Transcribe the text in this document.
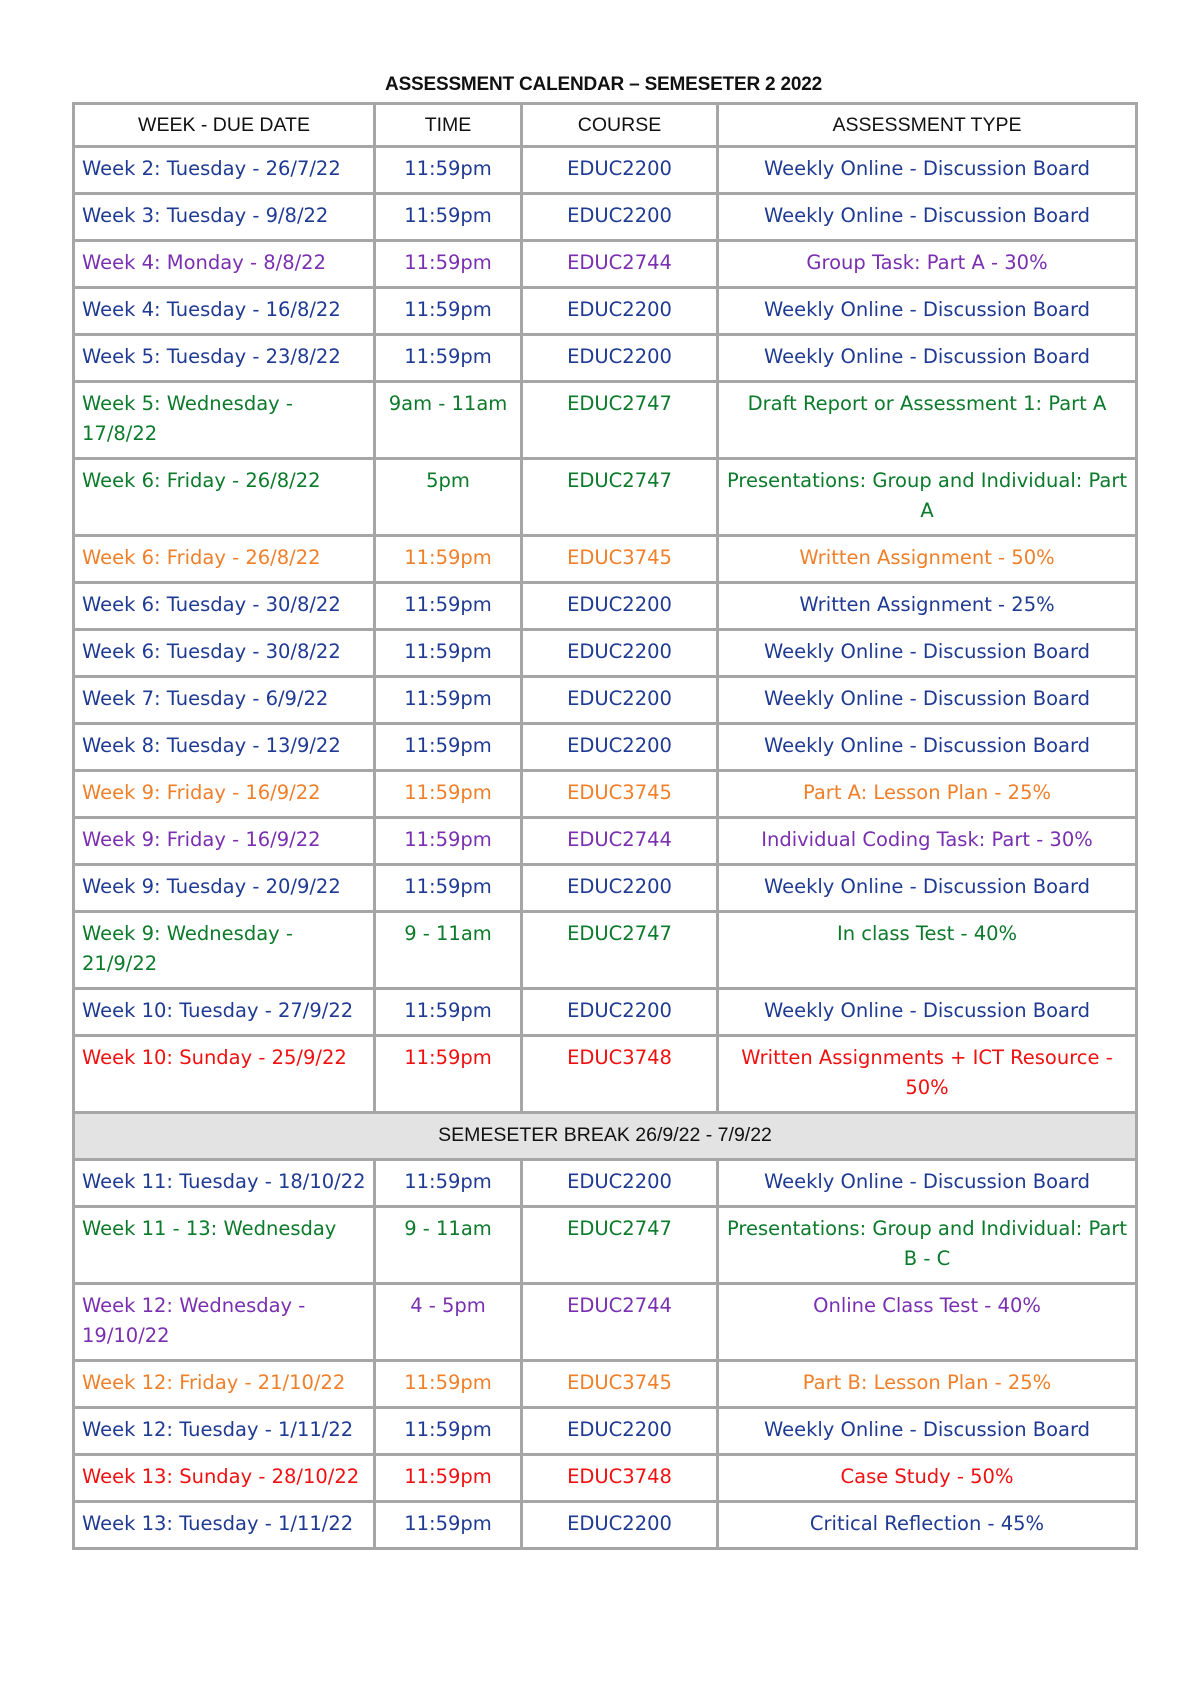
ASSESSMENT CALENDAR – SEMESETER 2 2022
WEEK - DUE DATE	TIME	COURSE	ASSESSMENT TYPE
Week 2: Tuesday - 26/7/22	11:59pm	EDUC2200	Weekly Online - Discussion Board
Week 3: Tuesday - 9/8/22	11:59pm	EDUC2200	Weekly Online - Discussion Board
Week 4: Monday - 8/8/22	11:59pm	EDUC2744	Group Task: Part A - 30%
Week 4: Tuesday - 16/8/22	11:59pm	EDUC2200	Weekly Online - Discussion Board
Week 5: Tuesday - 23/8/22	11:59pm	EDUC2200	Weekly Online - Discussion Board
Week 5: Wednesday - 17/8/22	9am - 11am	EDUC2747	Draft Report or Assessment 1: Part A
Week 6: Friday - 26/8/22	5pm	EDUC2747	Presentations: Group and Individual: Part A
Week 6: Friday - 26/8/22	11:59pm	EDUC3745	Written Assignment - 50%
Week 6: Tuesday - 30/8/22	11:59pm	EDUC2200	Written Assignment - 25%
Week 6: Tuesday - 30/8/22	11:59pm	EDUC2200	Weekly Online - Discussion Board
Week 7: Tuesday - 6/9/22	11:59pm	EDUC2200	Weekly Online - Discussion Board
Week 8: Tuesday - 13/9/22	11:59pm	EDUC2200	Weekly Online - Discussion Board
Week 9: Friday - 16/9/22	11:59pm	EDUC3745	Part A: Lesson Plan - 25%
Week 9: Friday - 16/9/22	11:59pm	EDUC2744	Individual Coding Task: Part - 30%
Week 9: Tuesday - 20/9/22	11:59pm	EDUC2200	Weekly Online - Discussion Board
Week 9: Wednesday - 21/9/22	9 - 11am	EDUC2747	In class Test - 40%
Week 10: Tuesday - 27/9/22	11:59pm	EDUC2200	Weekly Online - Discussion Board
Week 10: Sunday - 25/9/22	11:59pm	EDUC3748	Written Assignments + ICT Resource - 50%
SEMESETER BREAK 26/9/22 - 7/9/22			
Week 11: Tuesday - 18/10/22	11:59pm	EDUC2200	Weekly Online - Discussion Board
Week 11 - 13: Wednesday	9 - 11am	EDUC2747	Presentations: Group and Individual: Part B - C
Week 12: Wednesday - 19/10/22	4 - 5pm	EDUC2744	Online Class Test - 40%
Week 12: Friday - 21/10/22	11:59pm	EDUC3745	Part B: Lesson Plan - 25%
Week 12: Tuesday - 1/11/22	11:59pm	EDUC2200	Weekly Online - Discussion Board
Week 13: Sunday - 28/10/22	11:59pm	EDUC3748	Case Study - 50%
Week 13: Tuesday - 1/11/22	11:59pm	EDUC2200	Critical Reflection - 45%
